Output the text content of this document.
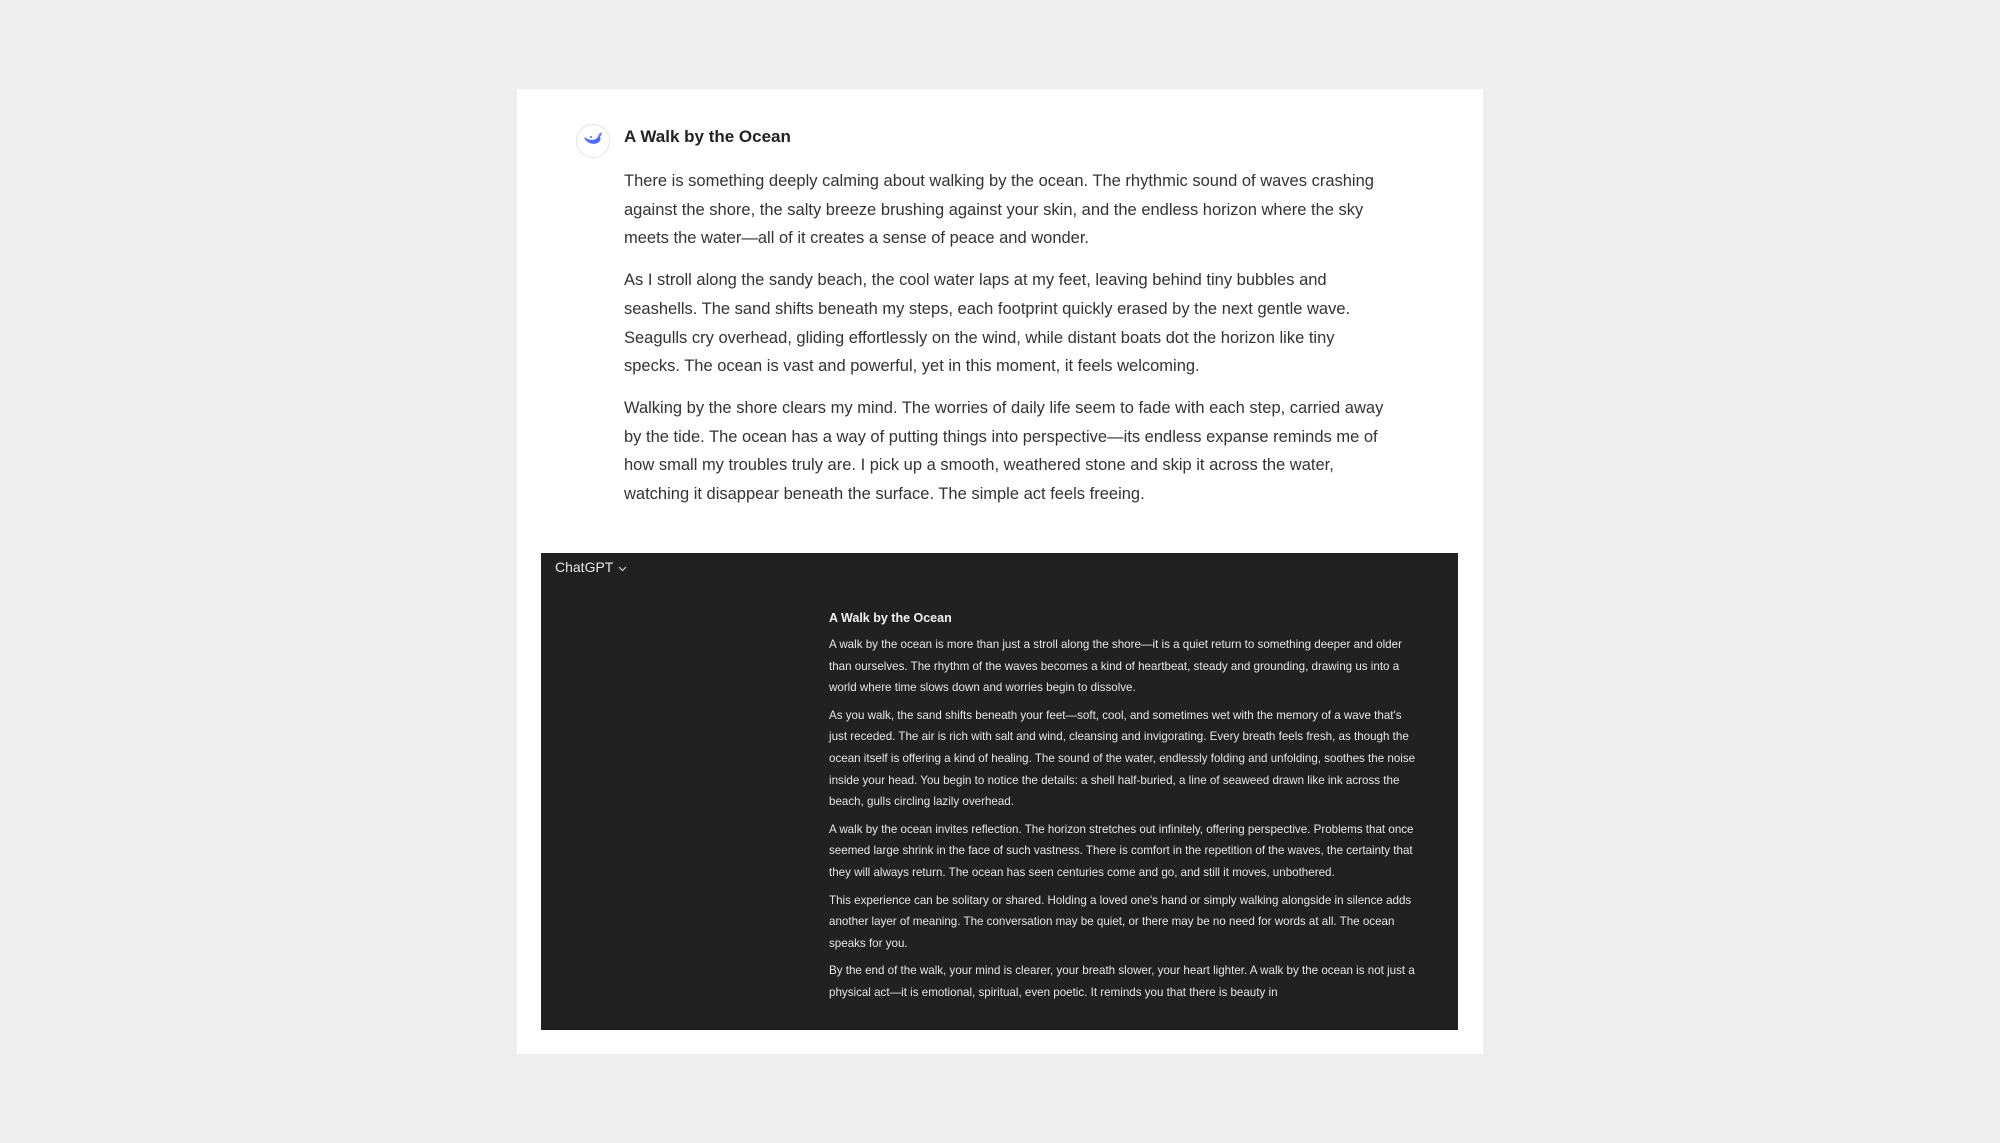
A Walk by the Ocean

There is something deeply calming about walking by the ocean. The rhythmic sound of waves crashing against the shore, the salty breeze brushing against your skin, and the endless horizon where the sky meets the water—all of it creates a sense of peace and wonder.

As I stroll along the sandy beach, the cool water laps at my feet, leaving behind tiny bubbles and seashells. The sand shifts beneath my steps, each footprint quickly erased by the next gentle wave. Seagulls cry overhead, gliding effortlessly on the wind, while distant boats dot the horizon like tiny specks. The ocean is vast and powerful, yet in this moment, it feels welcoming.

Walking by the shore clears my mind. The worries of daily life seem to fade with each step, carried away by the tide. The ocean has a way of putting things into perspective—its endless expanse reminds me of how small my troubles truly are. I pick up a smooth, weathered stone and skip it across the water, watching it disappear beneath the surface. The simple act feels freeing.

ChatGPT
A Walk by the Ocean

A walk by the ocean is more than just a stroll along the shore—it is a quiet return to something deeper and older than ourselves. The rhythm of the waves becomes a kind of heartbeat, steady and grounding, drawing us into a world where time slows down and worries begin to dissolve.

As you walk, the sand shifts beneath your feet—soft, cool, and sometimes wet with the memory of a wave that's just receded. The air is rich with salt and wind, cleansing and invigorating. Every breath feels fresh, as though the ocean itself is offering a kind of healing. The sound of the water, endlessly folding and unfolding, soothes the noise inside your head. You begin to notice the details: a shell half-buried, a line of seaweed drawn like ink across the beach, gulls circling lazily overhead.

A walk by the ocean invites reflection. The horizon stretches out infinitely, offering perspective. Problems that once seemed large shrink in the face of such vastness. There is comfort in the repetition of the waves, the certainty that they will always return. The ocean has seen centuries come and go, and still it moves, unbothered.

This experience can be solitary or shared. Holding a loved one's hand or simply walking alongside in silence adds another layer of meaning. The conversation may be quiet, or there may be no need for words at all. The ocean speaks for you.

By the end of the walk, your mind is clearer, your breath slower, your heart lighter. A walk by the ocean is not just a physical act—it is emotional, spiritual, even poetic. It reminds you that there is beauty in
